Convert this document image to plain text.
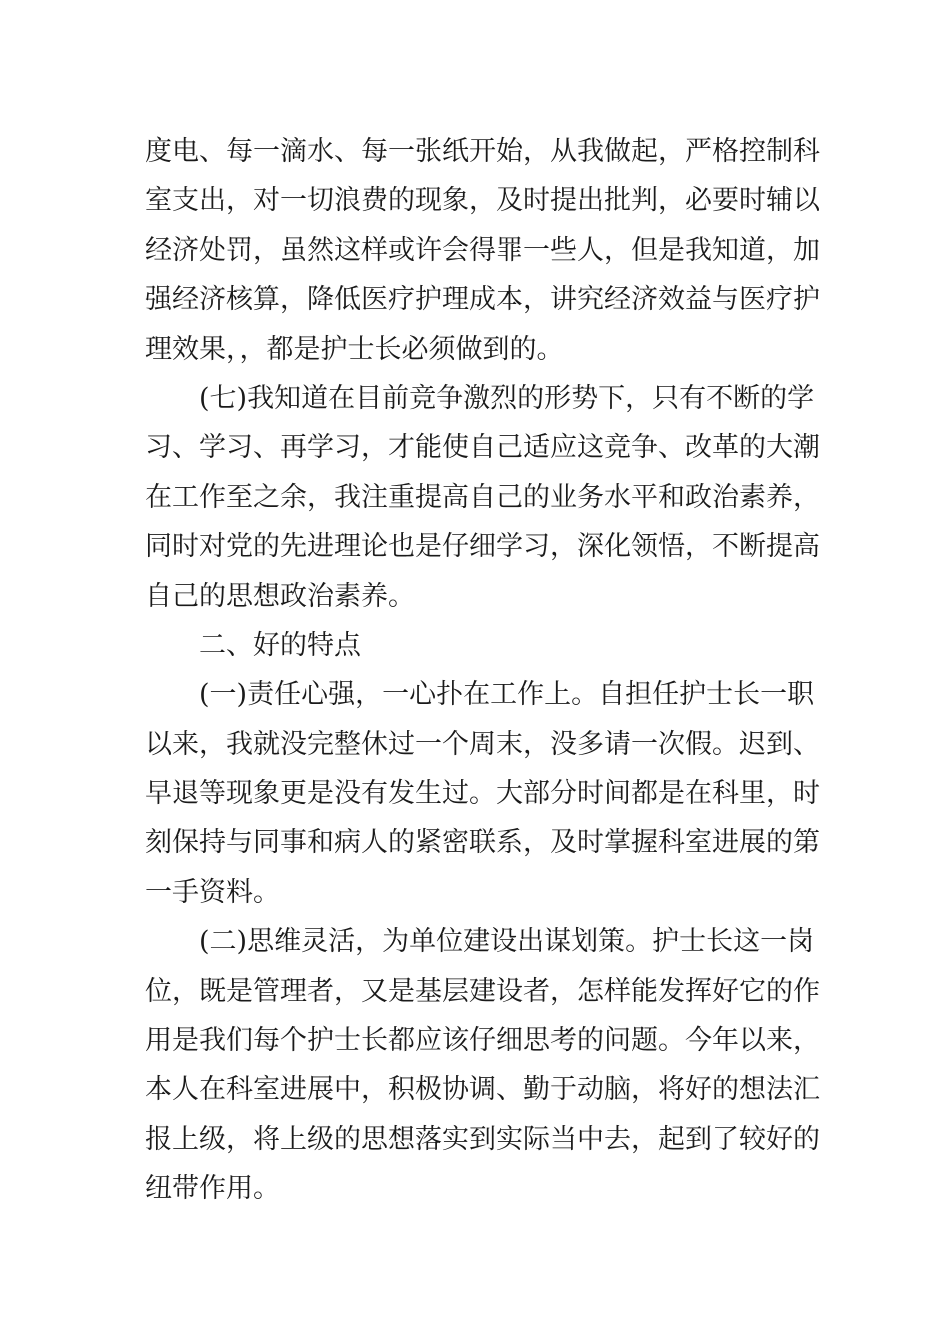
度电、每一滴水、每一张纸开始，从我做起，严格控制科
室支出，对一切浪费的现象，及时提出批判，必要时辅以
经济处罚，虽然这样或许会得罪一些人，但是我知道，加
强经济核算，降低医疗护理成本，讲究经济效益与医疗护
理效果，，都是护士长必须做到的。
(七)我知道在目前竞争激烈的形势下，只有不断的学
习、学习、再学习，才能使自己适应这竞争、改革的大潮
在工作至之余，我注重提高自己的业务水平和政治素养，
同时对党的先进理论也是仔细学习，深化领悟，不断提高
自己的思想政治素养。
二、好的特点
(一)责任心强，一心扑在工作上。自担任护士长一职
以来，我就没完整休过一个周末，没多请一次假。迟到、
早退等现象更是没有发生过。大部分时间都是在科里，时
刻保持与同事和病人的紧密联系，及时掌握科室进展的第
一手资料。
(二)思维灵活，为单位建设出谋划策。护士长这一岗
位，既是管理者，又是基层建设者，怎样能发挥好它的作
用是我们每个护士长都应该仔细思考的问题。今年以来，
本人在科室进展中，积极协调、勤于动脑，将好的想法汇
报上级，将上级的思想落实到实际当中去，起到了较好的
纽带作用。
